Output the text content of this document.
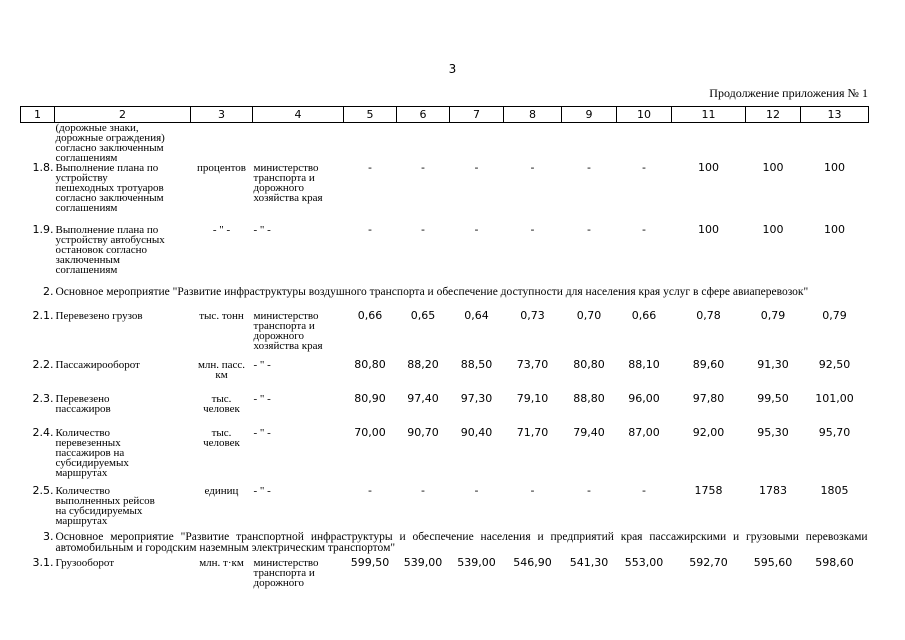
3
Продолжение приложения № 1
1	2	3	4	5	6	7	8	9	10	11	12	13
	(дорожные знаки,
дорожные ограждения)
согласно заключенным
соглашениям											
1.8.	Выполнение плана по
устройству
пешеходных тротуаров
согласно заключенным
соглашениям	процентов	министерство
транспорта и
дорожного
хозяйства края	-	-	-	-	-	-	100	100	100
1.9.	Выполнение плана по
устройству автобусных
остановок согласно
заключенным
соглашениям	- " -	- " -	-	-	-	-	-	-	100	100	100
2.	Основное мероприятие "Развитие инфраструктуры воздушного транспорта и обеспечение доступности для населения края услуг в сфере авиаперевозок"											
2.1.	Перевезено грузов	тыс. тонн	министерство
транспорта и
дорожного
хозяйства края	0,66	0,65	0,64	0,73	0,70	0,66	0,78	0,79	0,79
2.2.	Пассажирооборот	млн. пасс.
км	- " -	80,80	88,20	88,50	73,70	80,80	88,10	89,60	91,30	92,50
2.3.	Перевезено
пассажиров	тыс.
человек	- " -	80,90	97,40	97,30	79,10	88,80	96,00	97,80	99,50	101,00
2.4.	Количество
перевезенных
пассажиров на
субсидируемых
маршрутах	тыс.
человек	- " -	70,00	90,70	90,40	71,70	79,40	87,00	92,00	95,30	95,70
2.5.	Количество
выполненных рейсов
на субсидируемых
маршрутах	единиц	- " -	-	-	-	-	-	-	1758	1783	1805
3.	Основное мероприятие "Развитие транспортной инфраструктуры и обеспечение населения и предприятий края пассажирскими и грузовыми перевозками автомобильным и городским наземным электрическим транспортом"											
3.1.	Грузооборот	млн. т·км	министерство
транспорта и
дорожного	599,50	539,00	539,00	546,90	541,30	553,00	592,70	595,60	598,60
